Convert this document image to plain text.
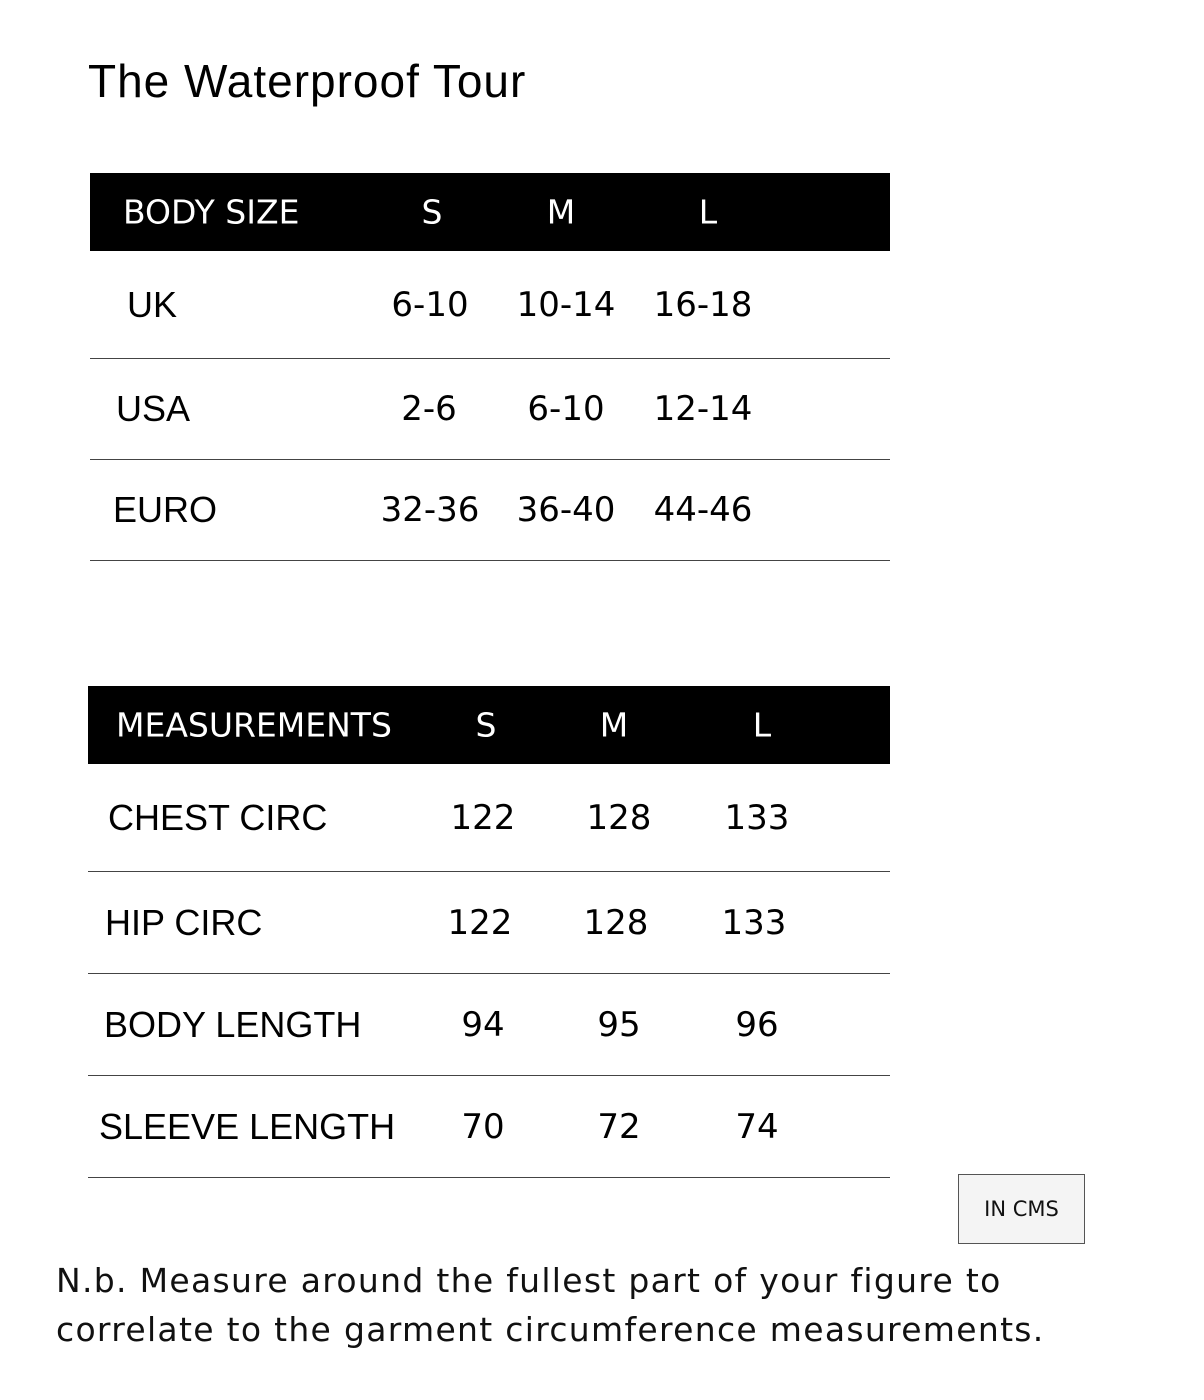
The Waterproof Tour
BODY SIZE	S	M	L
UK	6-10 10-14 16-18
USA	2-6 6-10 12-14
EURO	32-36 36-40 44-46
MEASUREMENTS	S	M	L
CHEST CIRC	122 128 133
HIP CIRC	122 128 133
BODY LENGTH	94	95	96
SLEEVE LENGTH 70	72	74
IN CMS
N.b. Measure around the fullest part of your figure to correlate to the garment circumference measurements.
